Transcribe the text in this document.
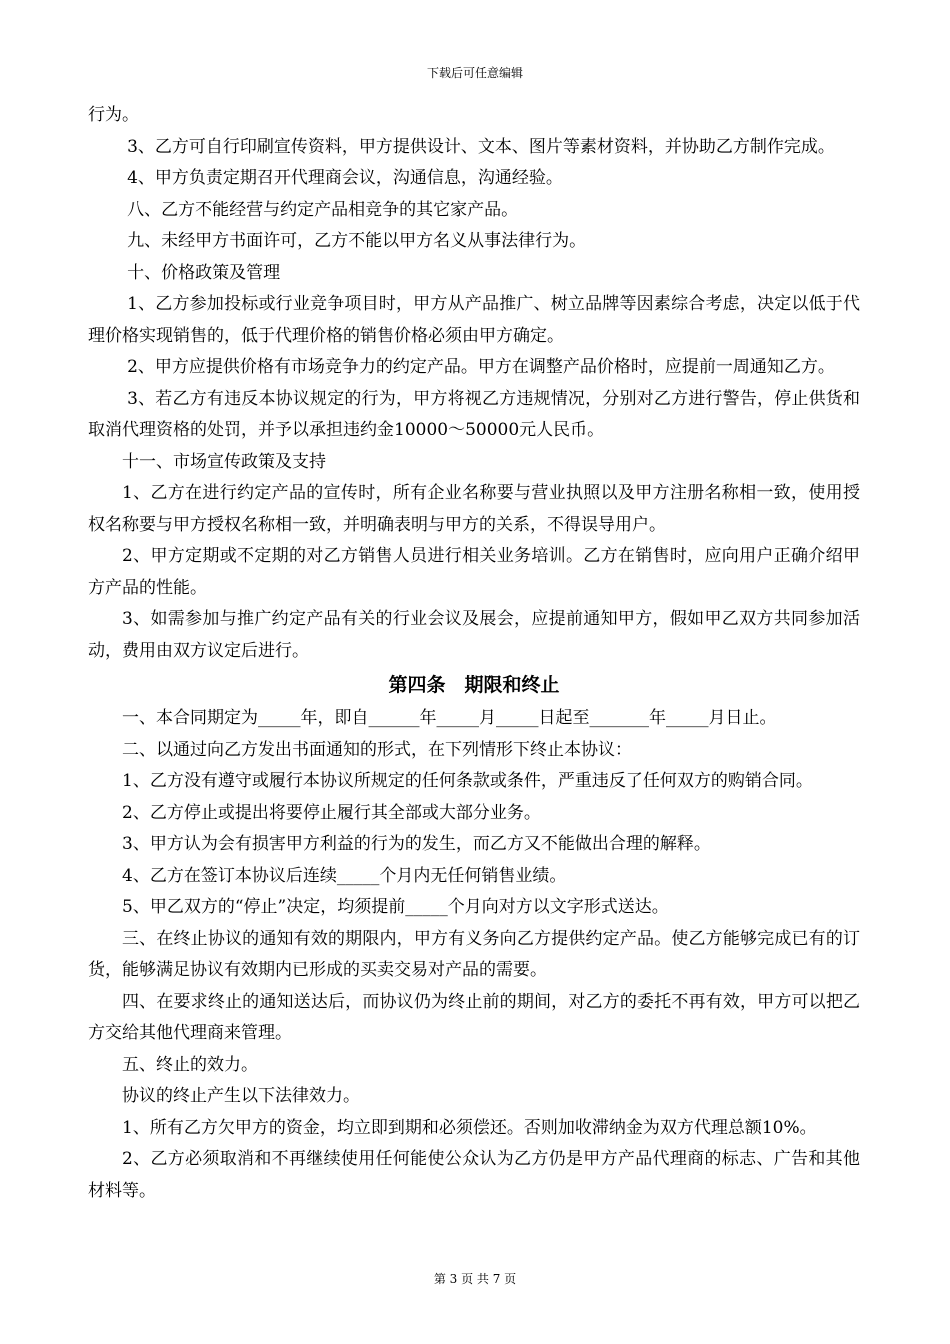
下载后可任意编辑

行为。

3、乙方可自行印刷宣传资料，甲方提供设计、文本、图片等素材资料，并协助乙方制作完成。

4、甲方负责定期召开代理商会议，沟通信息，沟通经验。

八、乙方不能经营与约定产品相竞争的其它家产品。

九、未经甲方书面许可，乙方不能以甲方名义从事法律行为。

十、价格政策及管理

1、乙方参加投标或行业竞争项目时，甲方从产品推广、树立品牌等因素综合考虑，决定以低于代理价格实现销售的，低于代理价格的销售价格必须由甲方确定。

2、甲方应提供价格有市场竞争力的约定产品。甲方在调整产品价格时，应提前一周通知乙方。

3、若乙方有违反本协议规定的行为，甲方将视乙方违规情况，分别对乙方进行警告，停止供货和取消代理资格的处罚，并予以承担违约金10000～50000元人民币。

十一、市场宣传政策及支持

1、乙方在进行约定产品的宣传时，所有企业名称要与营业执照以及甲方注册名称相一致，使用授权名称要与甲方授权名称相一致，并明确表明与甲方的关系，不得误导用户。

2、甲方定期或不定期的对乙方销售人员进行相关业务培训。乙方在销售时，应向用户正确介绍甲方产品的性能。

3、如需参加与推广约定产品有关的行业会议及展会，应提前通知甲方，假如甲乙双方共同参加活动，费用由双方议定后进行。

第四条　期限和终止

一、本合同期定为_____年，即自______年_____月_____日起至_______年_____月日止。

二、以通过向乙方发出书面通知的形式，在下列情形下终止本协议：

1、乙方没有遵守或履行本协议所规定的任何条款或条件，严重违反了任何双方的购销合同。

2、乙方停止或提出将要停止履行其全部或大部分业务。

3、甲方认为会有损害甲方利益的行为的发生，而乙方又不能做出合理的解释。

4、乙方在签订本协议后连续_____个月内无任何销售业绩。

5、甲乙双方的“停止”决定，均须提前_____个月向对方以文字形式送达。

三、在终止协议的通知有效的期限内，甲方有义务向乙方提供约定产品。使乙方能够完成已有的订货，能够满足协议有效期内已形成的买卖交易对产品的需要。

四、在要求终止的通知送达后，而协议仍为终止前的期间，对乙方的委托不再有效，甲方可以把乙方交给其他代理商来管理。

五、终止的效力。

协议的终止产生以下法律效力。

1、所有乙方欠甲方的资金，均立即到期和必须偿还。否则加收滞纳金为双方代理总额10%。

2、乙方必须取消和不再继续使用任何能使公众认为乙方仍是甲方产品代理商的标志、广告和其他材料等。

第 3 页 共 7 页
